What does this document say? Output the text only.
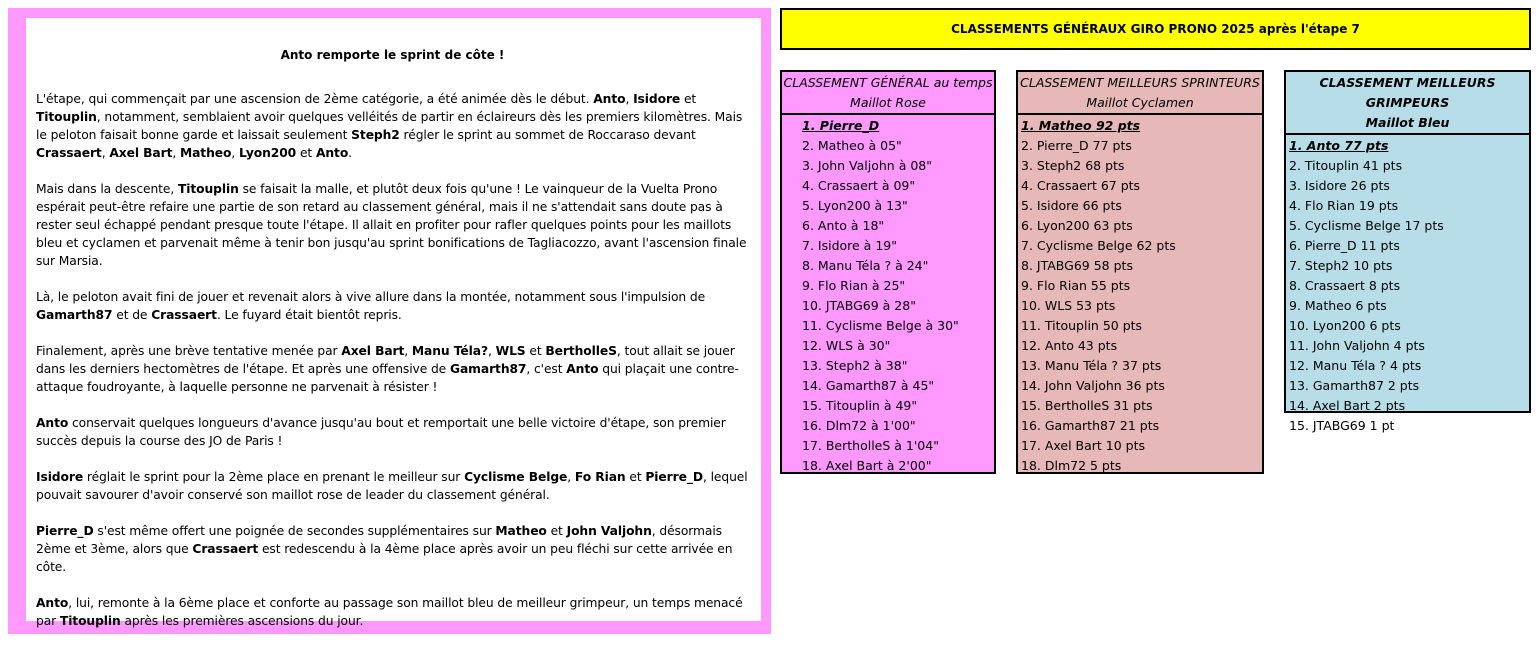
Anto remporte le sprint de côte !

L'étape, qui commençait par une ascension de 2ème catégorie, a été animée dès le début. Anto, Isidore et Titouplin, notamment, semblaient avoir quelques velléités de partir en éclaireurs dès les premiers kilomètres. Mais le peloton faisait bonne garde et laissait seulement Steph2 régler le sprint au sommet de Roccaraso devant Crassaert, Axel Bart, Matheo, Lyon200 et Anto.

Mais dans la descente, Titouplin se faisait la malle, et plutôt deux fois qu'une ! Le vainqueur de la Vuelta Prono espérait peut-être refaire une partie de son retard au classement général, mais il ne s'attendait sans doute pas à rester seul échappé pendant presque toute l'étape. Il allait en profiter pour rafler quelques points pour les maillots bleu et cyclamen et parvenait même à tenir bon jusqu'au sprint bonifications de Tagliacozzo, avant l'ascension finale sur Marsia.

Là, le peloton avait fini de jouer et revenait alors à vive allure dans la montée, notamment sous l'impulsion de Gamarth87 et de Crassaert. Le fuyard était bientôt repris.

Finalement, après une brève tentative menée par Axel Bart, Manu Téla?, WLS et BertholleS, tout allait se jouer dans les derniers hectomètres de l'étape. Et après une offensive de Gamarth87, c'est Anto qui plaçait une contre-attaque foudroyante, à laquelle personne ne parvenait à résister !

Anto conservait quelques longueurs d'avance jusqu'au bout et remportait une belle victoire d'étape, son premier succès depuis la course des JO de Paris !

Isidore réglait le sprint pour la 2ème place en prenant le meilleur sur Cyclisme Belge, Fo Rian et Pierre_D, lequel pouvait savourer d'avoir conservé son maillot rose de leader du classement général.

Pierre_D s'est même offert une poignée de secondes supplémentaires sur Matheo et John Valjohn, désormais 2ème et 3ème, alors que Crassaert est redescendu à la 4ème place après avoir un peu fléchi sur cette arrivée en côte.

Anto, lui, remonte à la 6ème place et conforte au passage son maillot bleu de meilleur grimpeur, un temps menacé par Titouplin après les premières ascensions du jour.

CLASSEMENTS GÉNÉRAUX GIRO PRONO 2025 après l'étape 7
CLASSEMENT GÉNÉRAL au temps
Maillot Rose
1. Pierre_D
2. Matheo à 05"
3. John Valjohn à 08"
4. Crassaert à 09"
5. Lyon200 à 13"
6. Anto à 18"
7. Isidore à 19"
8. Manu Téla ? à 24"
9. Flo Rian à 25"
10. JTABG69 à 28"
11. Cyclisme Belge à 30"
12. WLS à 30"
13. Steph2 à 38"
14. Gamarth87 à 45"
15. Titouplin à 49"
16. Dlm72 à 1'00"
17. BertholleS à 1'04"
18. Axel Bart à 2'00"
CLASSEMENT MEILLEURS SPRINTEURS
Maillot Cyclamen
1. Matheo 92 pts
2. Pierre_D 77 pts
3. Steph2 68 pts
4. Crassaert 67 pts
5. Isidore 66 pts
6. Lyon200 63 pts
7. Cyclisme Belge 62 pts
8. JTABG69 58 pts
9. Flo Rian 55 pts
10. WLS 53 pts
11. Titouplin 50 pts
12. Anto 43 pts
13. Manu Téla ? 37 pts
14. John Valjohn 36 pts
15. BertholleS 31 pts
16. Gamarth87 21 pts
17. Axel Bart 10 pts
18. Dlm72 5 pts
CLASSEMENT MEILLEURS GRIMPEURS
Maillot Bleu
1. Anto 77 pts
2. Titouplin 41 pts
3. Isidore 26 pts
4. Flo Rian 19 pts
5. Cyclisme Belge 17 pts
6. Pierre_D 11 pts
7. Steph2 10 pts
8. Crassaert 8 pts
9. Matheo 6 pts
10. Lyon200 6 pts
11. John Valjohn 4 pts
12. Manu Téla ? 4 pts
13. Gamarth87 2 pts
14. Axel Bart 2 pts
15. JTABG69 1 pt
